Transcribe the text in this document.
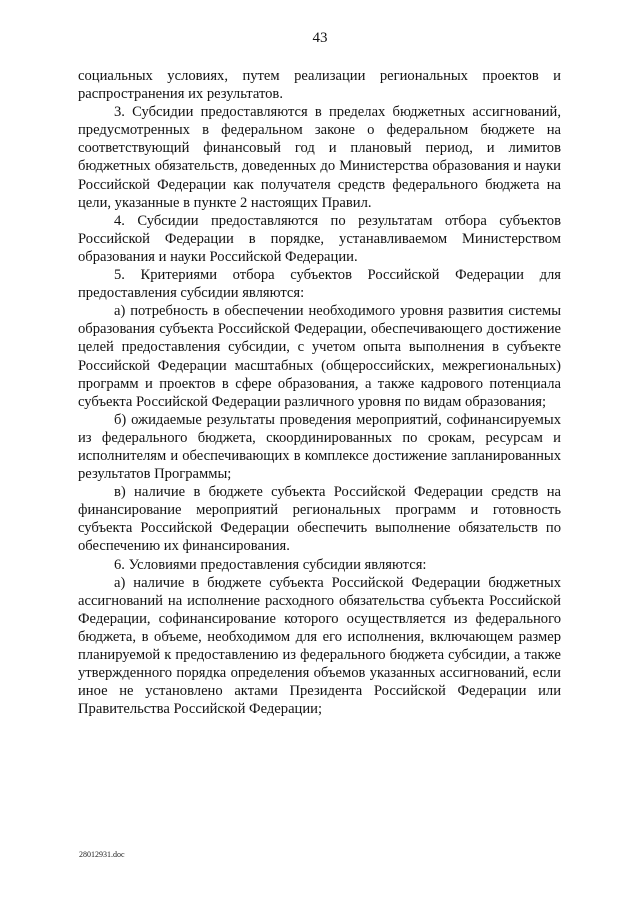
43

социальных условиях, путем реализации региональных проектов и распространения их результатов.

3. Субсидии предоставляются в пределах бюджетных ассигнований, предусмотренных в федеральном законе о федеральном бюджете на соответствующий финансовый год и плановый период, и лимитов бюджетных обязательств, доведенных до Министерства образования и науки Российской Федерации как получателя средств федерального бюджета на цели, указанные в пункте 2 настоящих Правил.

4. Субсидии предоставляются по результатам отбора субъектов Российской Федерации в порядке, устанавливаемом Министерством образования и науки Российской Федерации.

5. Критериями отбора субъектов Российской Федерации для предоставления субсидии являются:

а) потребность в обеспечении необходимого уровня развития системы образования субъекта Российской Федерации, обеспечивающего достижение целей предоставления субсидии, с учетом опыта выполнения в субъекте Российской Федерации масштабных (общероссийских, межрегиональных) программ и проектов в сфере образования, а также кадрового потенциала субъекта Российской Федерации различного уровня по видам образования;

б) ожидаемые результаты проведения мероприятий, софинансируемых из федерального бюджета, скоординированных по срокам, ресурсам и исполнителям и обеспечивающих в комплексе достижение запланированных результатов Программы;

в) наличие в бюджете субъекта Российской Федерации средств на финансирование мероприятий региональных программ и готовность субъекта Российской Федерации обеспечить выполнение обязательств по обеспечению их финансирования.

6. Условиями предоставления субсидии являются:

а) наличие в бюджете субъекта Российской Федерации бюджетных ассигнований на исполнение расходного обязательства субъекта Российской Федерации, софинансирование которого осуществляется из федерального бюджета, в объеме, необходимом для его исполнения, включающем размер планируемой к предоставлению из федерального бюджета субсидии, а также утвержденного порядка определения объемов указанных ассигнований, если иное не установлено актами Президента Российской Федерации или Правительства Российской Федерации;

28012931.doc
